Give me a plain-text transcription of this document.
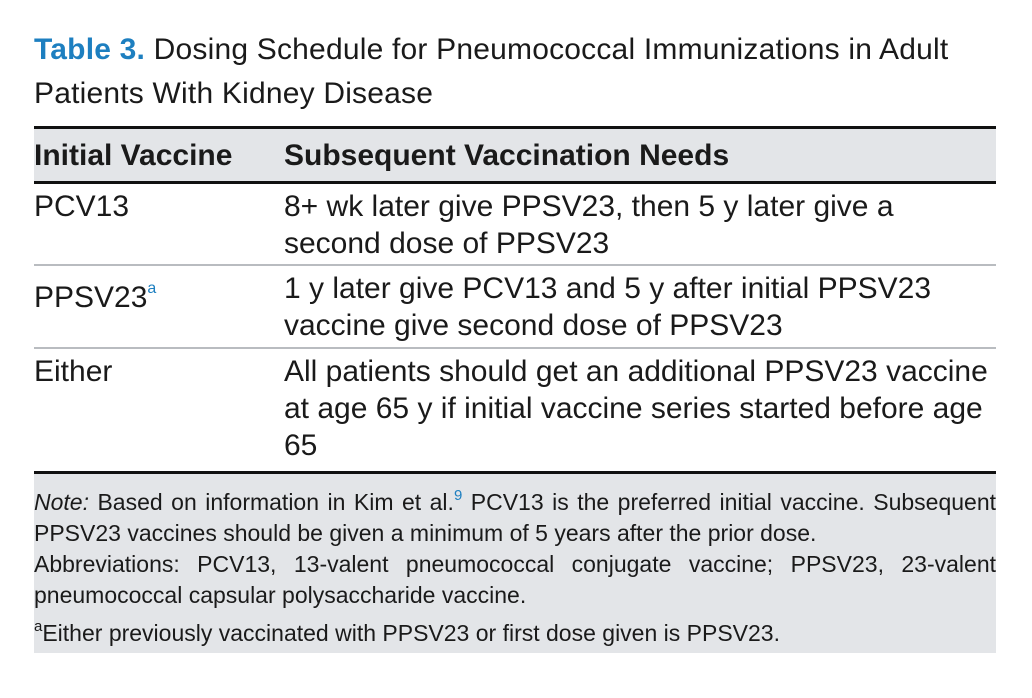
Table 3. Dosing Schedule for Pneumococcal Immunizations in Adult Patients With Kidney Disease
Initial Vaccine	Subsequent Vaccination Needs
PCV13	8+ wk later give PPSV23, then 5 y later give a second dose of PPSV23
PPSV23$^a$	1 y later give PCV13 and 5 y after initial PPSV23 vaccine give second dose of PPSV23
Either	All patients should get an additional PPSV23 vaccine at age 65 y if initial vaccine series started before age 65

Note: Based on information in Kim et al.$^9$ PCV13 is the preferred initial vaccine. Subsequent PPSV23 vaccines should be given a minimum of 5 years after the prior dose.

Abbreviations: PCV13, 13-valent pneumococcal conjugate vaccine; PPSV23, 23-valent pneumococcal capsular polysaccharide vaccine.

$^a$Either previously vaccinated with PPSV23 or first dose given is PPSV23.
